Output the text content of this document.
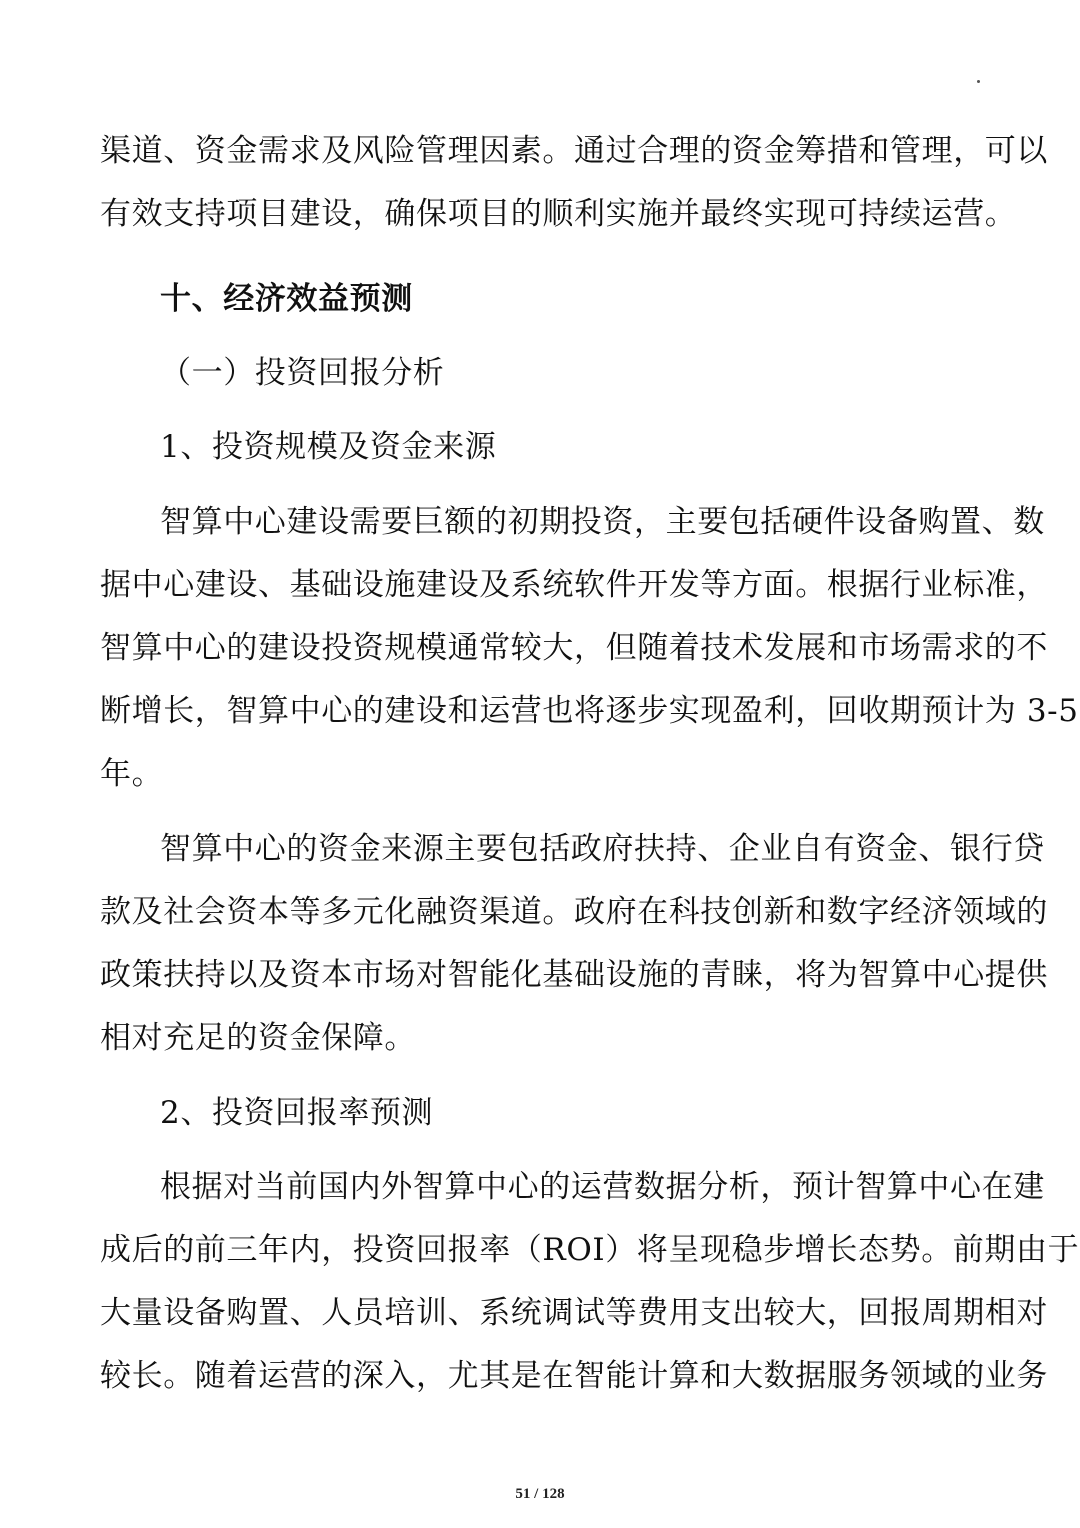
渠道、资金需求及风险管理因素。通过合理的资金筹措和管理，可以
有效支持项目建设，确保项目的顺利实施并最终实现可持续运营。
十、经济效益预测
（一）投资回报分析
1、投资规模及资金来源
智算中心建设需要巨额的初期投资，主要包括硬件设备购置、数
据中心建设、基础设施建设及系统软件开发等方面。根据行业标准，
智算中心的建设投资规模通常较大，但随着技术发展和市场需求的不
断增长，智算中心的建设和运营也将逐步实现盈利，回收期预计为 3-5
年。
智算中心的资金来源主要包括政府扶持、企业自有资金、银行贷
款及社会资本等多元化融资渠道。政府在科技创新和数字经济领域的
政策扶持以及资本市场对智能化基础设施的青睐，将为智算中心提供
相对充足的资金保障。
2、投资回报率预测
根据对当前国内外智算中心的运营数据分析，预计智算中心在建
成后的前三年内，投资回报率（ROI）将呈现稳步增长态势。前期由于
大量设备购置、人员培训、系统调试等费用支出较大，回报周期相对
较长。随着运营的深入，尤其是在智能计算和大数据服务领域的业务
51 / 128
